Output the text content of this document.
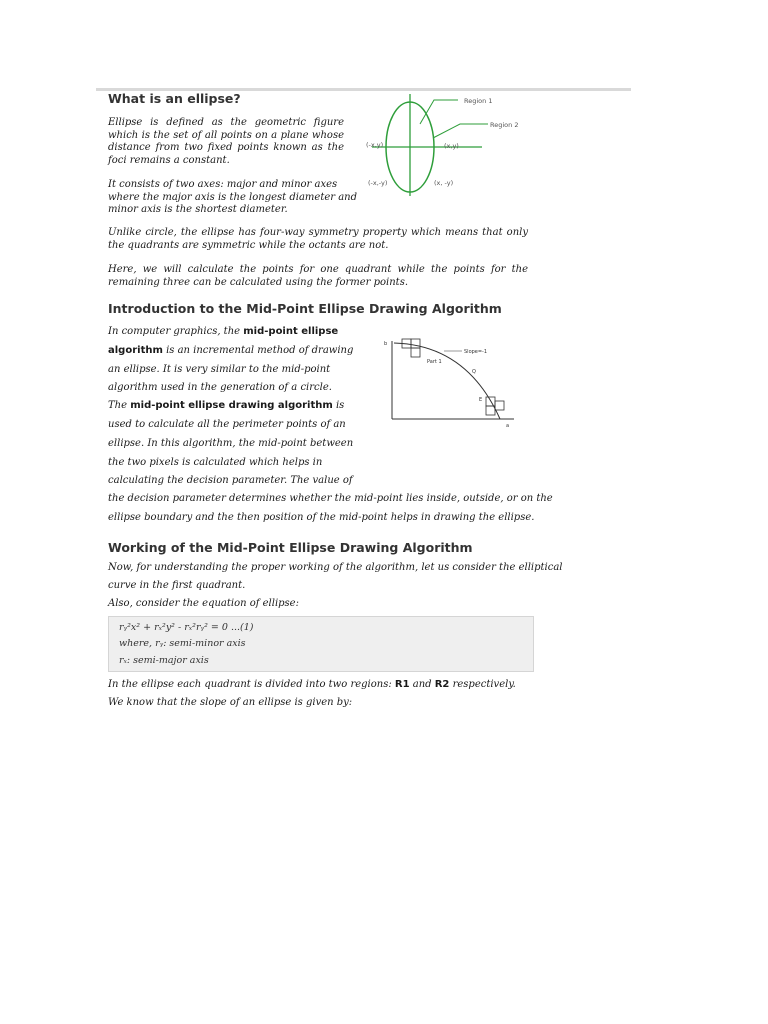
What is an ellipse?

Ellipse is defined as the geometric figure which is the set of all points on a plane whose distance from two fixed points known as the foci remains a constant.

It consists of two axes: major and minor axes where the major axis is the longest diameter and minor axis is the shortest diameter.

Region 1
Region 2
(-x,y)	(x,y)
(-x,-y)	(x, -y)

Unlike circle, the ellipse has four-way symmetry property which means that only the quadrants are symmetric while the octants are not.

Here, we will calculate the points for one quadrant while the points for the remaining three can be calculated using the former points.

Introduction to the Mid-Point Ellipse Drawing Algorithm
In computer graphics, the mid-point ellipse
algorithm is an incremental method of drawing
an ellipse. It is very similar to the mid-point
algorithm used in the generation of a circle.
The mid-point ellipse drawing algorithm is
used to calculate all the perimeter points of an
ellipse. In this algorithm, the mid-point between
the two pixels is calculated which helps in
calculating the decision parameter. The value of
the decision parameter determines whether the mid-point lies inside, outside, or on the
ellipse boundary and the then position of the mid-point helps in drawing the ellipse.
b
a
Slope=-1
Part 1
Q
E
Working of the Mid-Point Ellipse Drawing Algorithm
Now, for understanding the proper working of the algorithm, let us consider the elliptical
curve in the first quadrant.
Also, consider the equation of ellipse:
rᵧ²x² + rₓ²y² - rₓ²rᵧ² = 0 ...(1)
where, rᵧ: semi-minor axis
rₓ: semi-major axis
In the ellipse each quadrant is divided into two regions: R1 and R2 respectively.
We know that the slope of an ellipse is given by:
